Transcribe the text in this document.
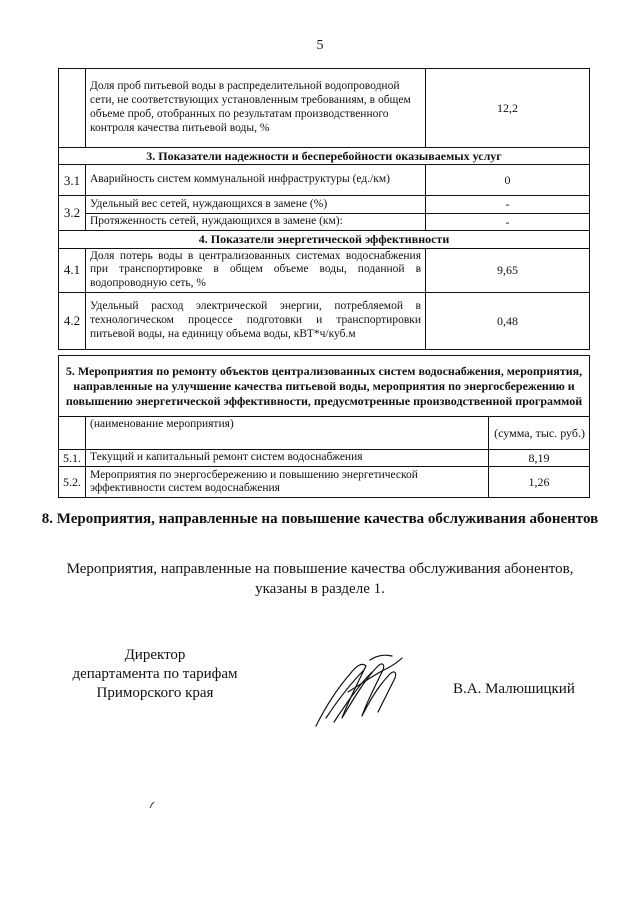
5
	Доля проб питьевой воды в распределительной водопроводной сети, не соответствующих установленным требованиям, в общем объеме проб, отобранных по результатам производственного контроля качества питьевой воды, %	12,2
3. Показатели надежности и бесперебойности оказываемых услуг		
3.1	Аварийность систем коммунальной инфраструктуры (ед./км)	0
3.2	Удельный вес сетей, нуждающихся в замене (%)	-
	Протяженность сетей, нуждающихся в замене (км):	-
4. Показатели энергетической эффективности		
4.1	Доля потерь воды в централизованных системах водоснабжения при транспортировке в общем объеме воды, поданной в водопроводную сеть, %	9,65
4.2	Удельный расход электрической энергии, потребляемой в технологическом процессе подготовки и транспортировки питьевой воды, на единицу объема воды, кВТ*ч/куб.м	0,48
5. Мероприятия по ремонту объектов централизованных систем водоснабжения, мероприятия, направленные на улучшение качества питьевой воды, мероприятия по энергосбережению и повышению энергетической эффективности, предусмотренные производственной программой		
	(наименование мероприятия)	(сумма, тыс. руб.)
5.1.	Текущий и капитальный ремонт систем водоснабжения	8,19
5.2.	Мероприятия по энергосбережению и повышению энергетической эффективности систем водоснабжения	1,26
8. Мероприятия, направленные на повышение качества обслуживания абонентов
Мероприятия, направленные на повышение качества обслуживания абонентов, указаны в разделе 1.
Директор
департамента по тарифам
Приморского края	В.А. Малюшицкий
